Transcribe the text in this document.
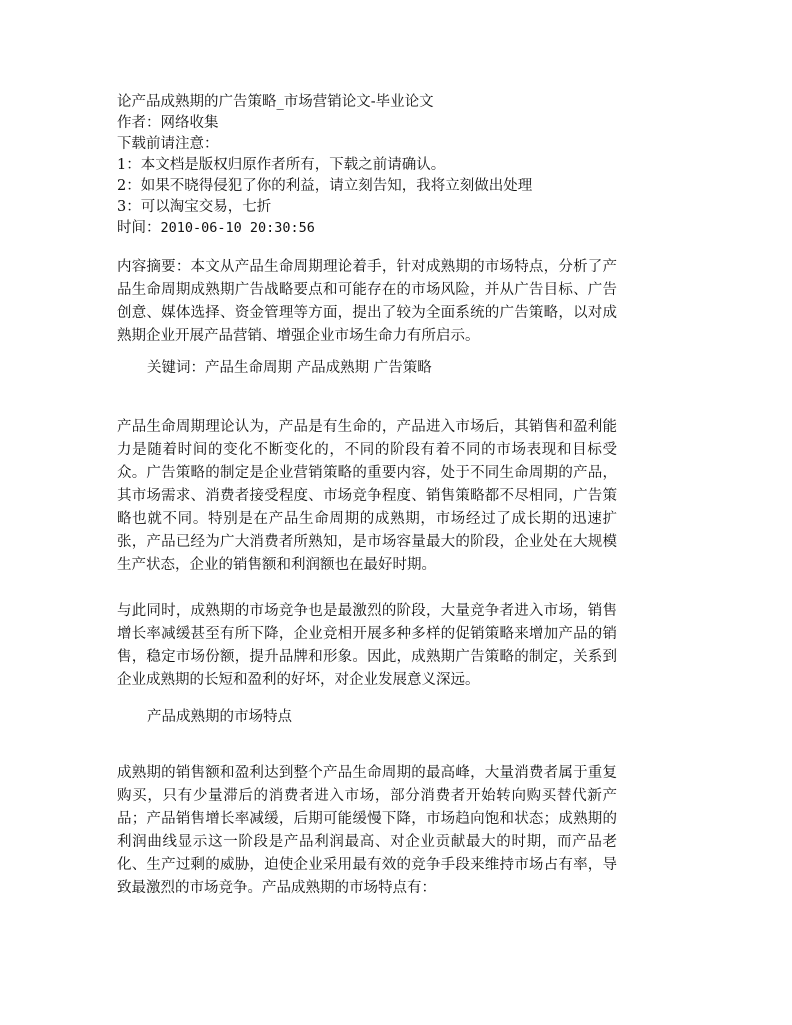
论产品成熟期的广告策略_市场营销论文-毕业论文
作者：网络收集
下载前请注意：
1：本文档是版权归原作者所有，下载之前请确认。
2：如果不晓得侵犯了你的利益，请立刻告知，我将立刻做出处理
3：可以淘宝交易，七折
时间：2010-06-10 20:30:56

内容摘要：本文从产品生命周期理论着手，针对成熟期的市场特点，分析了产品生命周期成熟期广告战略要点和可能存在的市场风险，并从广告目标、广告创意、媒体选择、资金管理等方面，提出了较为全面系统的广告策略，以对成熟期企业开展产品营销、增强企业市场生命力有所启示。

关键词：产品生命周期 产品成熟期 广告策略

产品生命周期理论认为，产品是有生命的，产品进入市场后，其销售和盈利能力是随着时间的变化不断变化的，不同的阶段有着不同的市场表现和目标受众。广告策略的制定是企业营销策略的重要内容，处于不同生命周期的产品，其市场需求、消费者接受程度、市场竞争程度、销售策略都不尽相同，广告策略也就不同。特别是在产品生命周期的成熟期，市场经过了成长期的迅速扩张，产品已经为广大消费者所熟知，是市场容量最大的阶段，企业处在大规模生产状态，企业的销售额和利润额也在最好时期。

与此同时，成熟期的市场竞争也是最激烈的阶段，大量竞争者进入市场，销售增长率减缓甚至有所下降，企业竞相开展多种多样的促销策略来增加产品的销售，稳定市场份额，提升品牌和形象。因此，成熟期广告策略的制定，关系到企业成熟期的长短和盈利的好坏，对企业发展意义深远。

产品成熟期的市场特点

成熟期的销售额和盈利达到整个产品生命周期的最高峰，大量消费者属于重复购买，只有少量滞后的消费者进入市场，部分消费者开始转向购买替代新产品；产品销售增长率减缓，后期可能缓慢下降，市场趋向饱和状态；成熟期的利润曲线显示这一阶段是产品利润最高、对企业贡献最大的时期，而产品老化、生产过剩的威胁，迫使企业采用最有效的竞争手段来维持市场占有率，导致最激烈的市场竞争。产品成熟期的市场特点有：
